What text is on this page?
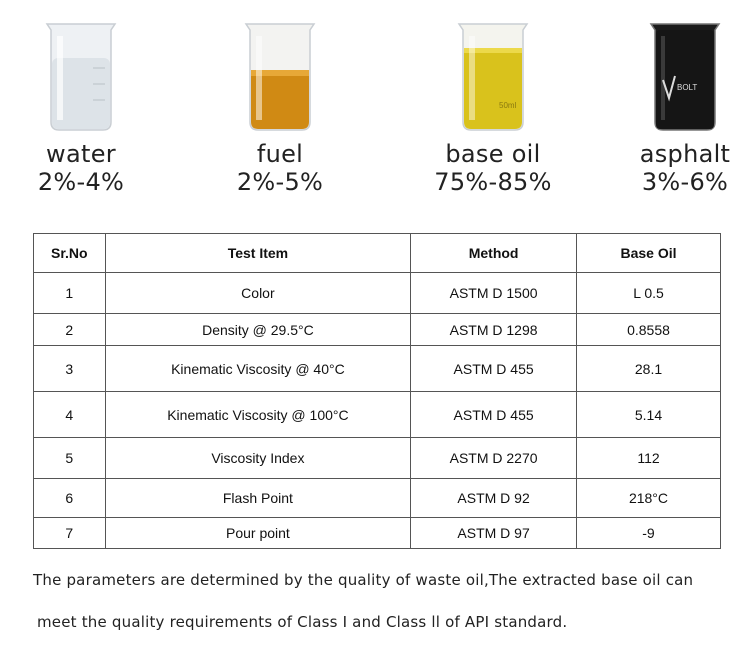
water
2%-4%
fuel
2%-5%
50ml
base oil
75%-85%
BOLT
asphalt
3%-6%
Sr.No	Test Item	Method	Base Oil
1	Color	ASTM D 1500	L 0.5
2	Density @ 29.5°C	ASTM D 1298	0.8558
3	Kinematic Viscosity @ 40°C	ASTM D 455	28.1
4	Kinematic Viscosity @ 100°C	ASTM D 455	5.14
5	Viscosity Index	ASTM D 2270	112
6	Flash Point	ASTM D 92	218°C
7	Pour point	ASTM D 97	-9
The parameters are determined by the quality of waste oil,The extracted base oil can
meet the quality requirements of Class I and Class ll of API standard.
